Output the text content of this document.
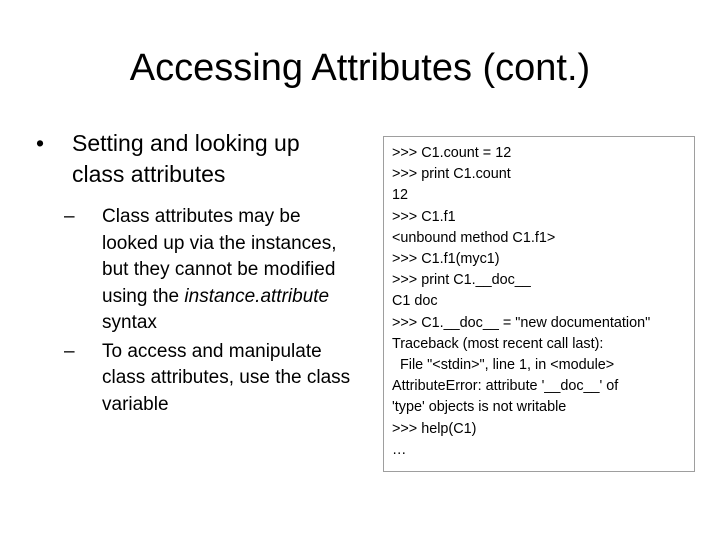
Accessing Attributes (cont.)

• Setting and looking up class attributes

– Class attributes may be looked up via the instances, but they cannot be modified using the instance.attribute syntax

– To access and manipulate class attributes, use the class variable

>>> C1.count = 12

>>> print C1.count

12

>>> C1.f1

<unbound method C1.f1>

>>> C1.f1(myc1)

>>> print C1.__doc__

C1 doc

>>> C1.__doc__ = "new documentation"

Traceback (most recent call last):

File "<stdin>", line 1, in <module>

AttributeError: attribute '__doc__' of

'type' objects is not writable

>>> help(C1)

…
